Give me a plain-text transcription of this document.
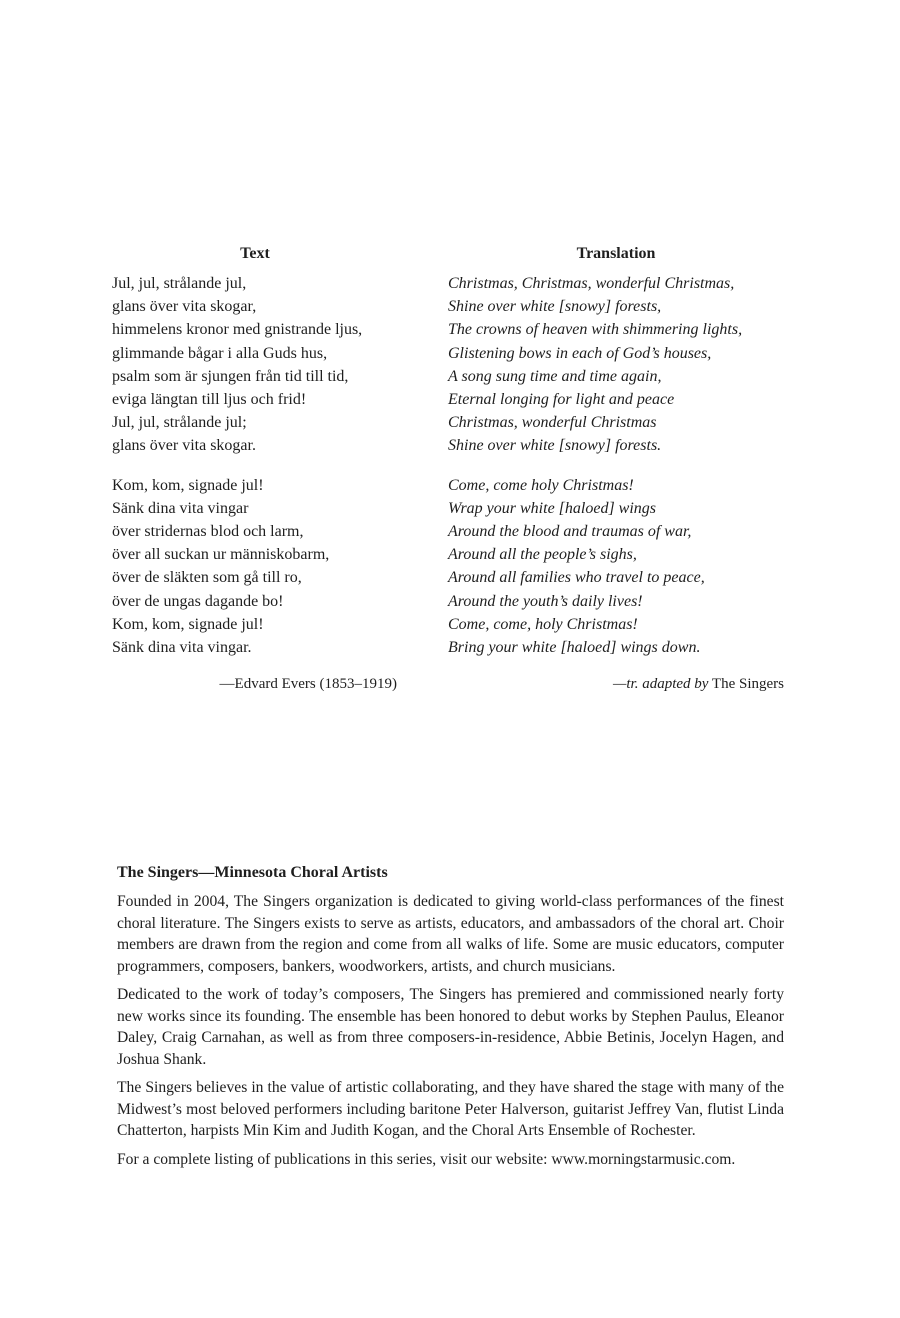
Text
Jul, jul, strålande jul,
glans över vita skogar,
himmelens kronor med gnistrande ljus,
glimmande bågar i alla Guds hus,
psalm som är sjungen från tid till tid,
eviga längtan till ljus och frid!
Jul, jul, strålande jul;
glans över vita skogar.
Kom, kom, signade jul!
Sänk dina vita vingar
över stridernas blod och larm,
över all suckan ur människobarm,
över de släkten som gå till ro,
över de ungas dagande bo!
Kom, kom, signade jul!
Sänk dina vita vingar.
—Edvard Evers (1853–1919)
Translation
Christmas, Christmas, wonderful Christmas,
Shine over white [snowy] forests,
The crowns of heaven with shimmering lights,
Glistening bows in each of God’s houses,
A song sung time and time again,
Eternal longing for light and peace
Christmas, wonderful Christmas
Shine over white [snowy] forests.
Come, come holy Christmas!
Wrap your white [haloed] wings
Around the blood and traumas of war,
Around all the people’s sighs,
Around all families who travel to peace,
Around the youth’s daily lives!
Come, come, holy Christmas!
Bring your white [haloed] wings down.
—tr. adapted by The Singers
The Singers—Minnesota Choral Artists

Founded in 2004, The Singers organization is dedicated to giving world-class performances of the finest choral literature. The Singers exists to serve as artists, educators, and ambassadors of the choral art. Choir members are drawn from the region and come from all walks of life. Some are music educators, computer programmers, composers, bankers, woodworkers, artists, and church musicians.

Dedicated to the work of today’s composers, The Singers has premiered and commissioned nearly forty new works since its founding. The ensemble has been honored to debut works by Stephen Paulus, Eleanor Daley, Craig Carnahan, as well as from three composers-in-residence, Abbie Betinis, Jocelyn Hagen, and Joshua Shank.

The Singers believes in the value of artistic collaborating, and they have shared the stage with many of the Midwest’s most beloved performers including baritone Peter Halverson, guitarist Jeffrey Van, flutist Linda Chatterton, harpists Min Kim and Judith Kogan, and the Choral Arts Ensemble of Rochester.

For a complete listing of publications in this series, visit our website: www.morningstarmusic.com.
